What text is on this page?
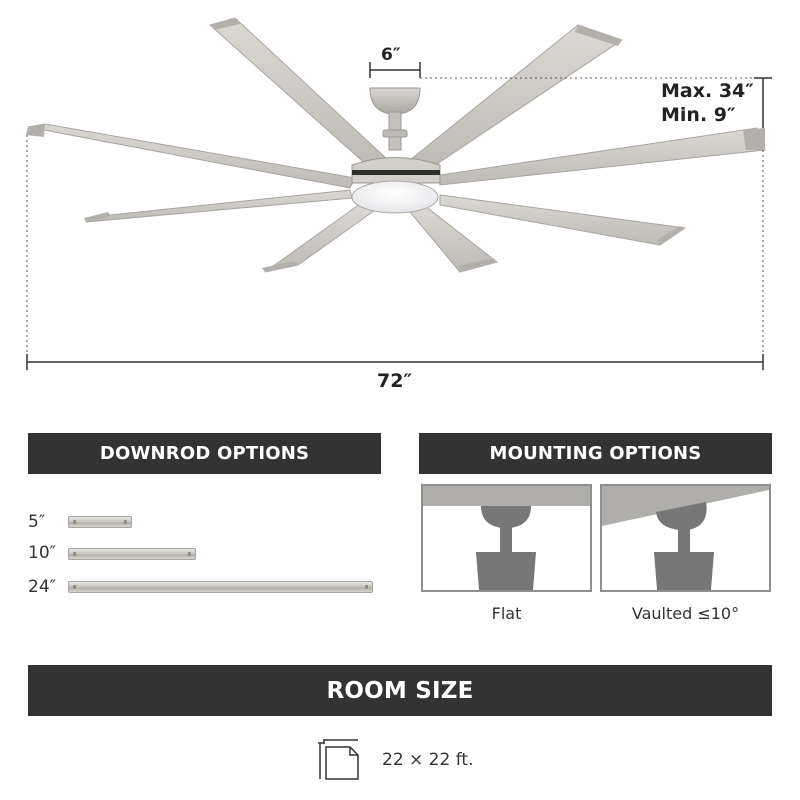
6″
Max. 34″
Min. 9″
72″
DOWNROD OPTIONS
5″
10″
24″
MOUNTING OPTIONS
Flat	Vaulted ≤10°
ROOM SIZE
22 × 22 ft.
